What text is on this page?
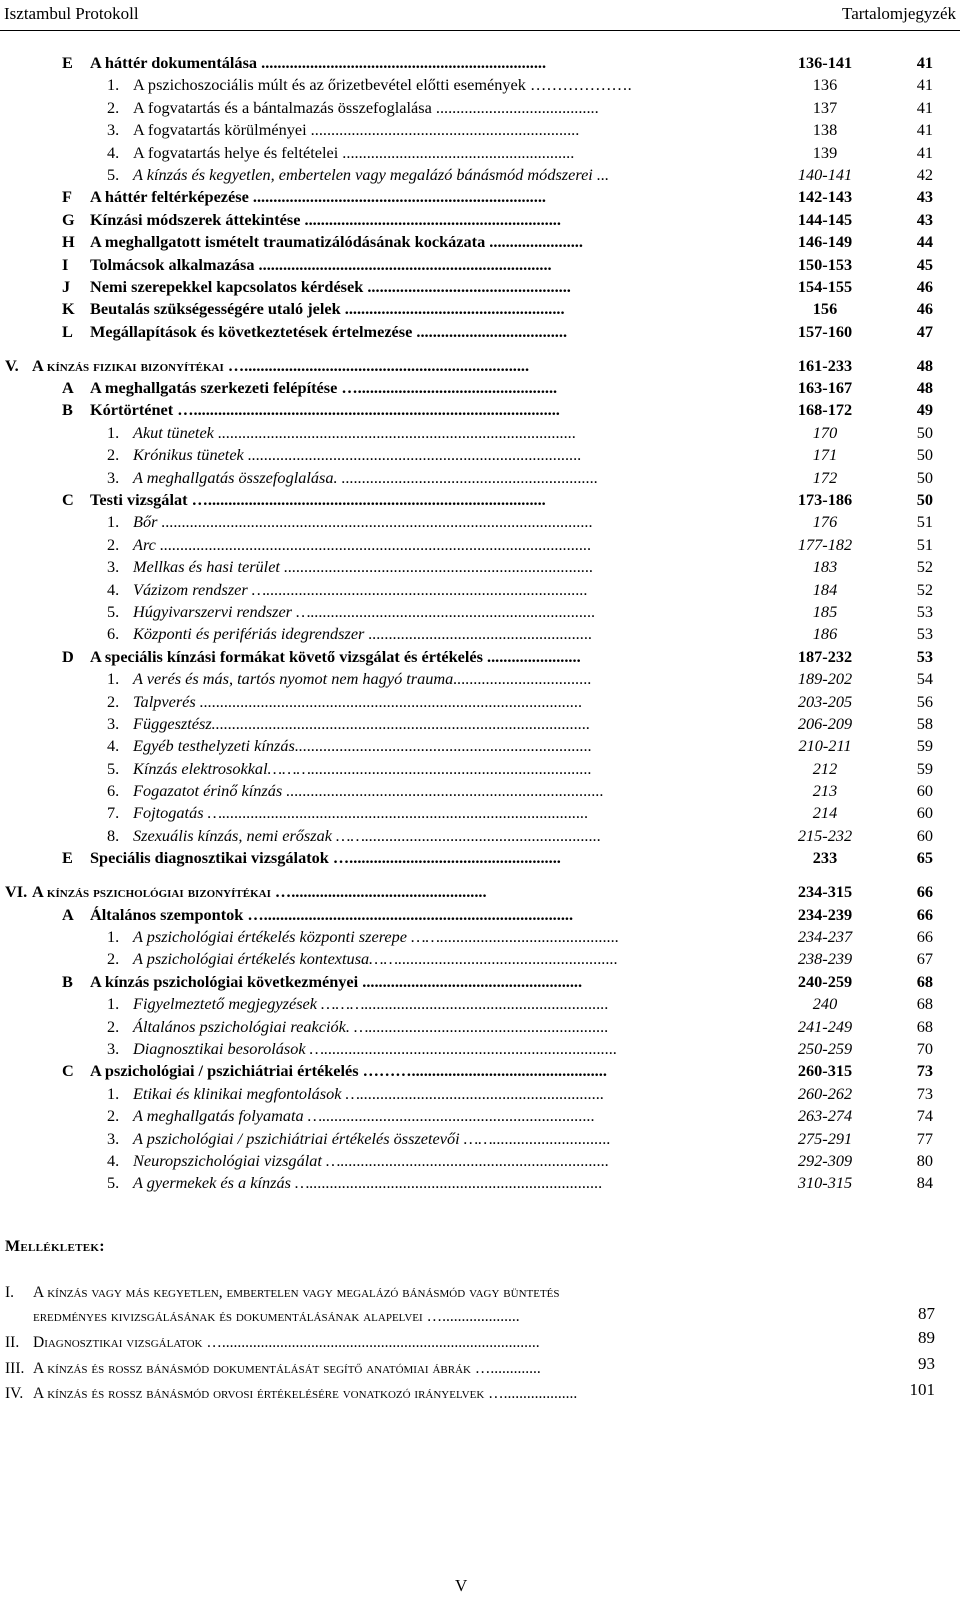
Isztambul Protokoll	Tartalomjegyzék
E A háttér dokumentálása ......................................................................	136-141	41
1. A pszichoszociális múlt és az őrizetbevétel előtti események ……………….	136	41
2. A fogvatartás és a bántalmazás összefoglalása ........................................	137	41
3. A fogvatartás körülményei ..................................................................	138	41
4. A fogvatartás helye és feltételei .........................................................	139	41
5. A kínzás és kegyetlen, embertelen vagy megalázó bánásmód módszerei ...	140-141	42
F A háttér feltérképezése ........................................................................	142-143	43
G Kínzási módszerek áttekintése ...............................................................	144-145	43
H A meghallgatott ismételt traumatizálódásának kockázata .......................	146-149	44
I Tolmácsok alkalmazása ........................................................................	150-153	45
J Nemi szerepekkel kapcsolatos kérdések ..................................................	154-155	46
K Beutalás szükségességére utaló jelek ......................................................	156	46
L Megállapítások és következtetések értelmezése .....................................	157-160	47
V. A kínzás fizikai bizonyítékai …......................................................................	161-233	48
A A meghallgatás szerkezeti felépítése ….................................................	163-167	48
B Kórtörténet …..........................................................................................	168-172	49
1. Akut tünetek ........................................................................................	170	50
2. Krónikus tünetek ..................................................................................	171	50
3. A meghallgatás összefoglalása. ...............................................................	172	50
C Testi vizsgálat …...................................................................................	173-186	50
1. Bőr ..........................................................................................................	176	51
2. Arc ..........................................................................................................	177-182	51
3. Mellkas és hasi terület ............................................................................	183	52
4. Vázizom rendszer …...............................................................................	184	52
5. Húgyivarszervi rendszer …......................................................................	185	53
6. Központi és perifériás idegrendszer .......................................................	186	53
D A speciális kínzási formákat követő vizsgálat és értékelés .......................	187-232	53
1. A verés és más, tartós nyomot nem hagyó trauma..................................	189-202	54
2. Talpverés ..............................................................................................	203-205	56
3. Függesztész.............................................................................................	206-209	58
4. Egyéb testhelyzeti kínzás.........................................................................	210-211	59
5. Kínzás elektrosokkal……….....................................................................	212	59
6. Fogazatot érinő kínzás ..............................................................................	213	60
7. Fojtogatás …..........................................................................................	214	60
8. Szexuális kínzás, nemi erőszak ……..........................................................	215-232	60
E Speciális diagnosztikai vizsgálatok …....................................................	233	65
VI. A kínzás pszichológiai bizonyítékai …................................................	234-315	66
A Általános szempontok …............................................................................	234-239	66
1. A pszichológiai értékelés központi szerepe ……............................................	234-237	66
2. A pszichológiai értékelés kontextusa……......................................................	238-239	67
B A kínzás pszichológiai következményei ......................................................	240-259	68
1. Figyelmeztető megjegyzések ………............................................................	240	68
2. Általános pszichológiai reakciók. …...........................................................	241-249	68
3. Diagnosztikai besorolások …........................................................................	250-259	70
C A pszichológiai / pszichiátriai értékelés ………................................................	260-315	73
1. Etikai és klinikai megfontolások …............................................................	260-262	73
2. A meghallgatás folyamata …...................................................................	263-274	74
3. A pszichológiai / pszichiátriai értékelés összetevői …….............................	275-291	77
4. Neuropszichológiai vizsgálat …..................................................................	292-309	80
5. A gyermekek és a kínzás …........................................................................	310-315	84
Mellékletek:
I. A kínzás vagy más kegyetlen, embertelen vagy megalázó bánásmód vagy büntetés
eredményes kivizsgálásának és dokumentálásának alapelvei …....................	87
II. Diagnosztikai vizsgálatok …..................................................................................	89
III. A kínzás és rossz bánásmód dokumentálását segítő anatómiai ábrák ….............	93
IV. A kínzás és rossz bánásmód orvosi értékelésére vonatkozó irányelvek …...................	101
V
